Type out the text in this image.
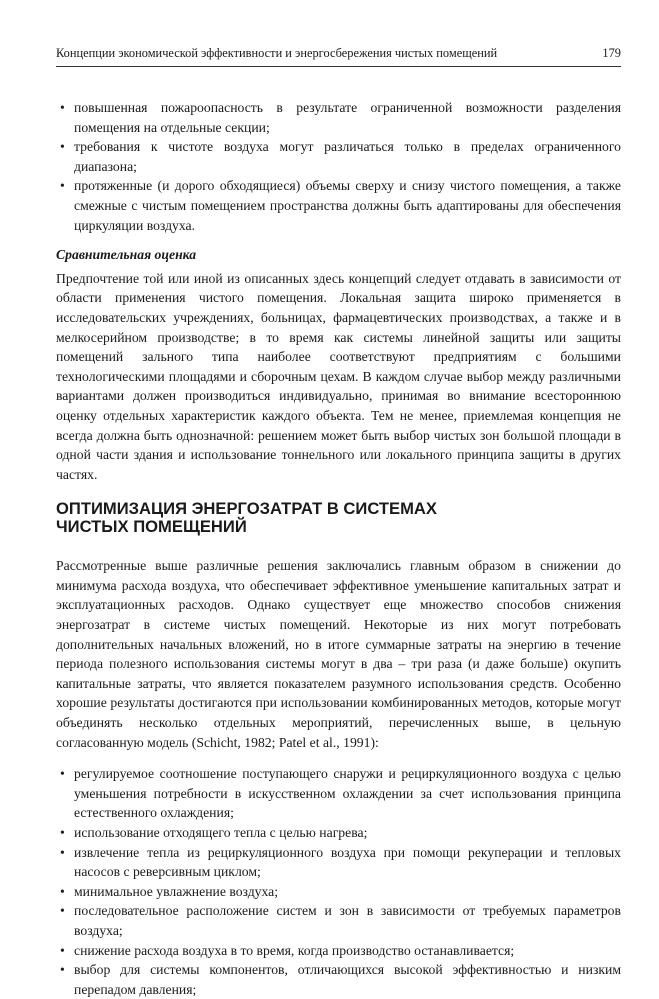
Концепции экономической эффективности и энергосбережения чистых помещений	179
• повышенная пожароопасность в результате ограниченной возможности разделения помещения на отдельные секции;
• требования к чистоте воздуха могут различаться только в пределах ограниченного диапазона;
• протяженные (и дорого обходящиеся) объемы сверху и снизу чистого помещения, а также смежные с чистым помещением пространства должны быть адаптированы для обеспечения циркуляции воздуха.
Сравнительная оценка

Предпочтение той или иной из описанных здесь концепций следует отдавать в зависимости от области применения чистого помещения. Локальная защита широко применяется в исследовательских учреждениях, больницах, фармацевтических производствах, а также и в мелкосерийном производстве; в то время как системы линейной защиты или защиты помещений зального типа наиболее соответствуют предприятиям с большими технологическими площадями и сборочным цехам. В каждом случае выбор между различными вариантами должен производиться индивидуально, принимая во внимание всестороннюю оценку отдельных характеристик каждого объекта. Тем не менее, приемлемая концепция не всегда должна быть однозначной: решением может быть выбор чистых зон большой площади в одной части здания и использование тоннельного или локального принципа защиты в других частях.

ОПТИМИЗАЦИЯ ЭНЕРГОЗАТРАТ В СИСТЕМАХ ЧИСТЫХ ПОМЕЩЕНИЙ

Рассмотренные выше различные решения заключались главным образом в снижении до минимума расхода воздуха, что обеспечивает эффективное уменьшение капитальных затрат и эксплуатационных расходов. Однако существует еще множество способов снижения энергозатрат в системе чистых помещений. Некоторые из них могут потребовать дополнительных начальных вложений, но в итоге суммарные затраты на энергию в течение периода полезного использования системы могут в два – три раза (и даже больше) окупить капитальные затраты, что является показателем разумного использования средств. Особенно хорошие результаты достигаются при использовании комбинированных методов, которые могут объединять несколько отдельных мероприятий, перечисленных выше, в цельную согласованную модель (Schicht, 1982; Patel et al., 1991):

• регулируемое соотношение поступающего снаружи и рециркуляционного воздуха с целью уменьшения потребности в искусственном охлаждении за счет использования принципа естественного охлаждения;
• использование отходящего тепла с целью нагрева;
• извлечение тепла из рециркуляционного воздуха при помощи рекуперации и тепловых насосов с реверсивным циклом;
• минимальное увлажнение воздуха;
• последовательное расположение систем и зон в зависимости от требуемых параметров воздуха;
• снижение расхода воздуха в то время, когда производство останавливается;
• выбор для системы компонентов, отличающихся высокой эффективностью и низким перепадом давления;
